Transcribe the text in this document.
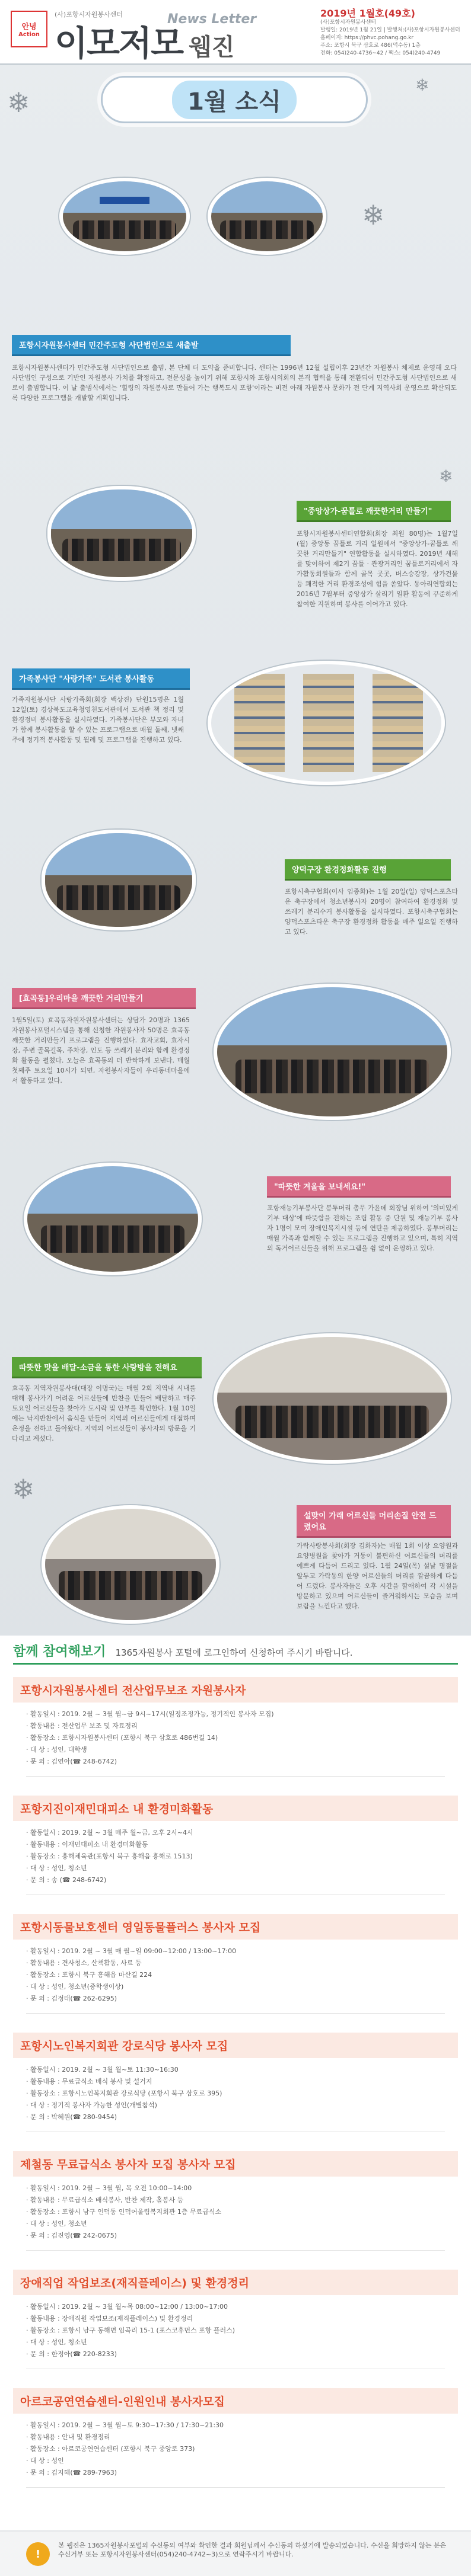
안녕
Action
(사)포항시자원봉사센터
이모저모 웹진
News Letter	2019년 1월호(49호)
(사)포항시자원봉사센터
발행일: 2019년 1월 21일 | 발행처:(사)포항시자원봉사센터
홈페이지: https://phvc.pohang.go.kr
주소: 포항시 북구 삼호로 486(덕수동) 1층
전화: 054)240-4736~42 / 팩스: 054)240-4749
❄
❄
1월 소식
❄
포항시자원봉사센터 민간주도형 사단법인으로 새출발
포항시자원봉사센터가 민간주도형 사단법인으로 출범, 본 단체 더 도약을 준비합니다. 센터는 1996년 12월 설립이후 23년간 자원봉사 체제로 운영해 오다 사단법인 구성으로 기반인 자원봉사 가치를 확정하고, 전문성을 높이기 위해 포항시와 포항시의회의 본격 협력을 통해 전환되어 민간주도형 사단법인으로 새로이 출범합니다. 이 날 출범식에서는 '힐링의 자원봉사로 만들어 가는 행복도시 포항'이라는 비전 아래 자원봉사 문화가 전 단계 지역사회 운영으로 확산되도록 다양한 프로그램을 개발할 계획입니다.
❄
"중앙상가-꿈틀로 깨끗한거리 만들기"
포항시자원봉사센터연합회(회장 최원 80명)는 1월7일(월) 중앙동 꿈틀로 거리 일원에서 "중앙상가-꿈틀로 깨끗한 거리만들기" 연합활동을 실시하였다. 2019년 새해를 맞이하여 제2기 꿈틀 · 관광거리인 꿈틀로거리에서 자가활동회원들과 함께 골목 곳곳, 버스승강장, 상가건물 등 쾌적한 거리 환경조성에 힘을 쏟았다. 동아리연합회는 2016년 7월부터 중앙상가 살리기 일환 활동에 꾸준하게 참여한 지원하며 봉사를 이어가고 있다.
가족봉사단 "사랑가족" 도서관 봉사활동
가족자원봉사단 사랑가족회(회장 백상진) 단원15명은 1월12일(토) 경상북도교육청영천도서관에서 도서관 책 정리 및 환경정비 봉사활동을 실시하였다. 가족봉사단은 부모와 자녀가 함께 봉사활동을 할 수 있는 프로그램으로 매월 둘째, 넷째주에 정기적 봉사활동 및 월례 및 프로그램을 진행하고 있다.
양덕구장 환경정화활동 진행
포항시축구협회(이사 임종화)는 1월 20일(일) 양덕스포츠타운 축구장에서 청소년봉사자 20명이 참여하여 환경정화 및 쓰레기 분리수거 봉사활동을 실시하였다. 포항시축구협회는 양덕스포츠타운 축구장 환경정화 활동을 매주 일요일 진행하고 있다.
[효곡동]우리마을 깨끗한 거리만들기
1월5일(토) 효곡동자원자원봉사센터는 상담가 20명과 1365자원봉사포털시스템을 통해 신청한 자원봉사자 50명은 효곡동 깨끗한 거리만들기 프로그램을 진행하였다. 효자교회, 효자시장, 주변 골목길목, 주차장, 인도 등 쓰레기 분리와 함께 환경정화 활동을 펼쳤다. 오늘은 효곡동의 더 반짝하게 보낸다. 매월 첫째주 토요일 10시가 되면, 자원봉사자들이 우리동네마을에서 활동하고 있다.
함께 참여해보기 1365자원봉사 포털에 로그인하여 신청하여 주시기 바랍니다.
포항시자원봉사센터 전산업무보조 자원봉사자
· 활동일시 : 2019. 2월 ~ 3월 월~금 9시~17시(일정조정가능, 정기적인 봉사자 모집)
· 활동내용 : 전산업무 보조 및 자료정리
· 활동장소 : 포항시자원봉사센터 (포항시 북구 삼호로 486번길 14)
· 대 상 : 성인, 대학생
· 문 의 : 김연아(☎ 248-6742)
포항지진이재민대피소 내 환경미화활동
· 활동일시 : 2019. 2월 ~ 3월 매주 월~금, 오후 2시~4시
· 활동내용 : 이재민대피소 내 환경미화활동
· 활동장소 : 흥해체육관(포항시 북구 흥해읍 흥해로 1513)
· 대 상 : 성인, 청소년
· 문 의 : 송 (☎ 248-6742)
포항시동물보호센터 영일동물플러스 봉사자 모집
· 활동일시 : 2019. 2월 ~ 3월 매 월~일 09:00~12:00 / 13:00~17:00
· 활동내용 : 견사청소, 산책활동, 사료 등
· 활동장소 : 포항시 북구 흥해읍 마산길 224
· 대 상 : 성인, 청소년(중학생이상)
· 문 의 : 김정태(☎ 262-6295)
포항시노인복지회관 강로식당 봉사자 모집
· 활동일시 : 2019. 2월 ~ 3월 월~토 11:30~16:30
· 활동내용 : 무료급식소 배식 봉사 및 설거지
· 활동장소 : 포항시노인복지회관 강로식당 (포항시 북구 삼호로 395)
· 대 상 : 정기적 봉사자 가능한 성인(개별참석)
· 문 의 : 박혜원(☎ 280-9454)
제철동 무료급식소 봉사자 모집 봉사자 모집
· 활동일시 : 2019. 2월 ~ 3월 월, 목 오전 10:00~14:00
· 활동내용 : 무료급식소 배식봉사, 반찬 제작, 홀봉사 등
· 활동장소 : 포항시 남구 인덕동 인덕어울림복지회관 1층 무료급식소
· 대 상 : 성인, 청소년
· 문 의 : 김진영(☎ 242-0675)
장애직업 작업보조(재직플레이스) 및 환경정리
· 활동일시 : 2019. 2월 ~ 3월 월~목 08:00~12:00 / 13:00~17:00
· 활동내용 : 장애직원 작업보조(재직플레이스) 및 환경정리
· 활동장소 : 포항시 남구 동해면 임곡리 15-1 (포스코휴먼스 포항 플러스)
· 대 상 : 성인, 청소년
· 문 의 : 한정아(☎ 220-8233)
아르코공연연습센터-인원인내 봉사자모집
· 활동일시 : 2019. 2월 ~ 3월 월~토 9:30~17:30 / 17:30~21:30
· 활동내용 : 안내 및 환경정리
· 활동장소 : 아르코공연연습센터 (포항시 북구 중앙로 373)
· 대 상 : 성인
· 문 의 : 김지혜(☎ 289-7963)
"따뜻한 겨울을 보내세요!"
포항재능기부봉사단 봉투머리 총무 가윤데 회장님 위하여 '의미있게 기부 대상'에 따뜻함을 전하는 조립 활동 중 단원 및 재능기부 봉사자 1명이 모여 장애인복지시설 등에 연탄을 제공하였다. 봉투머리는 매월 가족과 함께할 수 있는 프로그램을 진행하고 있으며, 특히 지역의 독거어르신들을 위해 프로그램을 쉼 없이 운영하고 있다.
따뜻한 맛을 배달-소금을 통한 사랑방을 전해요
효곡동 지역자원봉사대(대장 이명국)는 매월 2회 지역내 시내를 대해 봉사가기 어려운 어르신들에 반찬을 만들어 배달하고 매주 토요일 어르신들을 찾아가 도시락 및 안부를 확인한다. 1월 10일에는 낙지반찬에서 음식을 만들어 지역의 어르신들에게 대접하며 온정을 전하고 돌아왔다. 지역의 어르신들이 봉사자의 방문을 기다리고 계셨다.
❄
설맞이 가래 어르신들 머리손질 안전 드렸어요
가락사랑봉사회(회장 김화자)는 매월 1회 이상 요양원과 요양병원을 찾아가 거동이 불편하신 어르신들의 머리를 예쁘게 다듬어 드리고 있다. 1월 24일(목) 설날 명절을 앞두고 가락동의 한양 어르신들의 머리를 깔끔하게 다듬어 드렸다. 봉사자들은 오후 시간을 할애하여 각 시설을 방문하고 있으며 어르신들이 즐거워하시는 모습을 보며 보람을 느낀다고 했다.
!
본 웹진은 1365자원봉사포털의 수신동의 여부와 확인한 결과 회원님께서 수신동의 하셨기에 발송되었습니다. 수신을 희망하지 않는 분은 수신거부 또는 포항시자원봉사센터(054)240-4742~3)으로 연락주시기 바랍니다.
